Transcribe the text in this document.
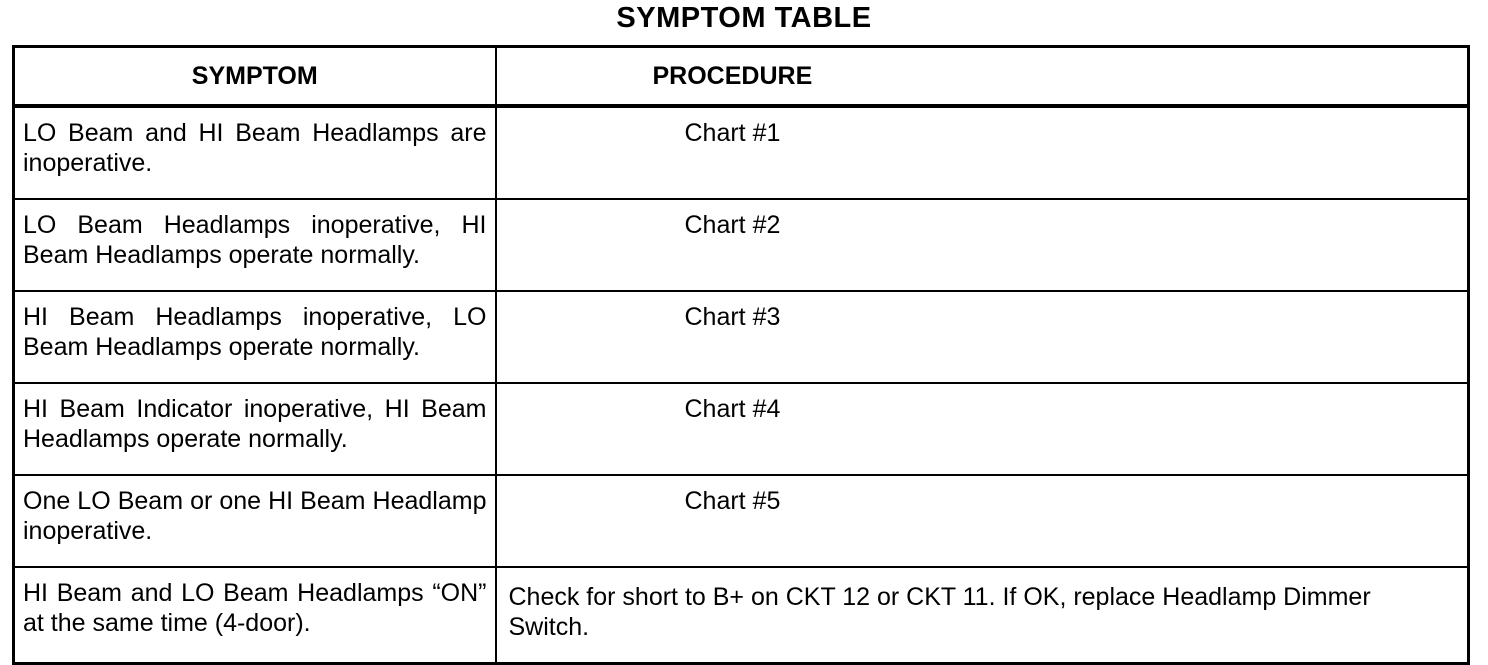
SYMPTOM TABLE
SYMPTOM	PROCEDURE
LO Beam and HI Beam Headlamps are inoperative.	Chart #1
LO Beam Headlamps inoperative, HI Beam Headlamps operate normally.	Chart #2
HI Beam Headlamps inoperative, LO Beam Headlamps operate normally.	Chart #3
HI Beam Indicator inoperative, HI Beam Headlamps operate normally.	Chart #4
One LO Beam or one HI Beam Headlamp inoperative.	Chart #5
HI Beam and LO Beam Headlamps “ON” at the same time (4-door).	Check for short to B+ on CKT 12 or CKT 11. If OK, replace Headlamp Dimmer Switch.
